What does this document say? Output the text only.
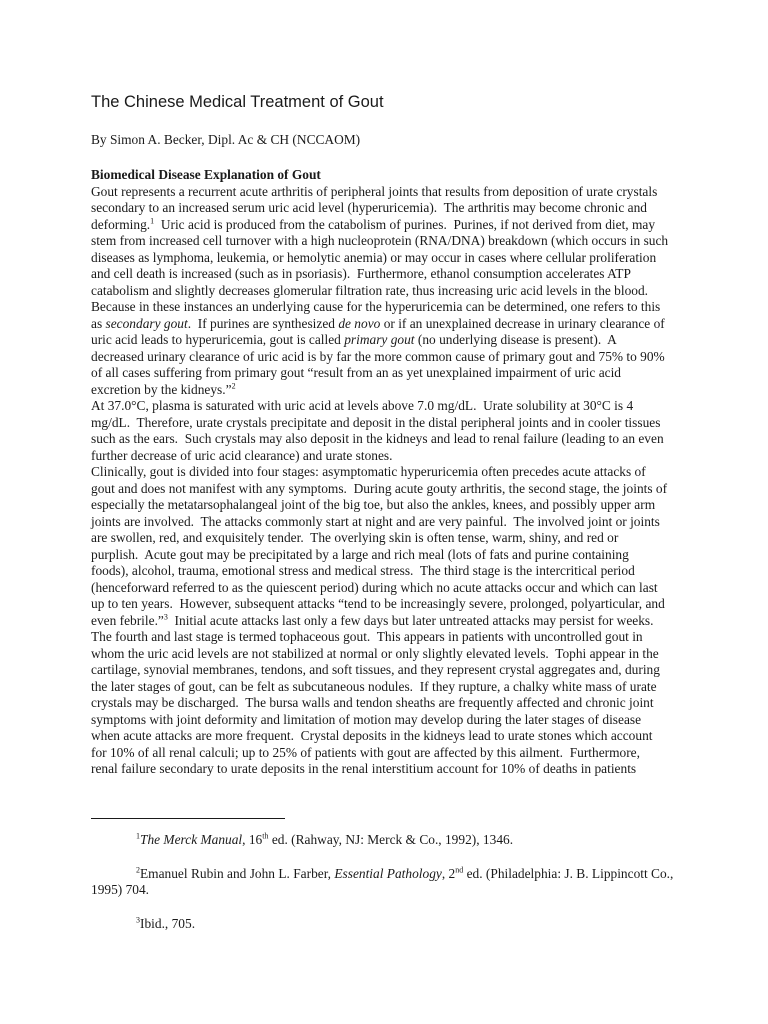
The Chinese Medical Treatment of Gout

By Simon A. Becker, Dipl. Ac & CH (NCCAOM)

Biomedical Disease Explanation of Gout
Gout represents a recurrent acute arthritis of peripheral joints that results from deposition of urate crystals
secondary to an increased serum uric acid level (hyperuricemia).  The arthritis may become chronic and
deforming.$^1$  Uric acid is produced from the catabolism of purines.  Purines, if not derived from diet, may
stem from increased cell turnover with a high nucleoprotein (RNA/DNA) breakdown (which occurs in such
diseases as lymphoma, leukemia, or hemolytic anemia) or may occur in cases where cellular proliferation
and cell death is increased (such as in psoriasis).  Furthermore, ethanol consumption accelerates ATP
catabolism and slightly decreases glomerular filtration rate, thus increasing uric acid levels in the blood.
Because in these instances an underlying cause for the hyperuricemia can be determined, one refers to this
as secondary gout.  If purines are synthesized de novo or if an unexplained decrease in urinary clearance of
uric acid leads to hyperuricemia, gout is called primary gout (no underlying disease is present).  A
decreased urinary clearance of uric acid is by far the more common cause of primary gout and 75% to 90%
of all cases suffering from primary gout “result from an as yet unexplained impairment of uric acid
excretion by the kidneys.”$^2$
At 37.0°C, plasma is saturated with uric acid at levels above 7.0 mg/dL.  Urate solubility at 30°C is 4
mg/dL.  Therefore, urate crystals precipitate and deposit in the distal peripheral joints and in cooler tissues
such as the ears.  Such crystals may also deposit in the kidneys and lead to renal failure (leading to an even
further decrease of uric acid clearance) and urate stones.
Clinically, gout is divided into four stages: asymptomatic hyperuricemia often precedes acute attacks of
gout and does not manifest with any symptoms.  During acute gouty arthritis, the second stage, the joints of
especially the metatarsophalangeal joint of the big toe, but also the ankles, knees, and possibly upper arm
joints are involved.  The attacks commonly start at night and are very painful.  The involved joint or joints
are swollen, red, and exquisitely tender.  The overlying skin is often tense, warm, shiny, and red or
purplish.  Acute gout may be precipitated by a large and rich meal (lots of fats and purine containing
foods), alcohol, trauma, emotional stress and medical stress.  The third stage is the intercritical period
(henceforward referred to as the quiescent period) during which no acute attacks occur and which can last
up to ten years.  However, subsequent attacks “tend to be increasingly severe, prolonged, polyarticular, and
even febrile.”$^3$  Initial acute attacks last only a few days but later untreated attacks may persist for weeks.
The fourth and last stage is termed tophaceous gout.  This appears in patients with uncontrolled gout in
whom the uric acid levels are not stabilized at normal or only slightly elevated levels.  Tophi appear in the
cartilage, synovial membranes, tendons, and soft tissues, and they represent crystal aggregates and, during
the later stages of gout, can be felt as subcutaneous nodules.  If they rupture, a chalky white mass of urate
crystals may be discharged.  The bursa walls and tendon sheaths are frequently affected and chronic joint
symptoms with joint deformity and limitation of motion may develop during the later stages of disease
when acute attacks are more frequent.  Crystal deposits in the kidneys lead to urate stones which account
for 10% of all renal calculi; up to 25% of patients with gout are affected by this ailment.  Furthermore,
renal failure secondary to urate deposits in the renal interstitium account for 10% of deaths in patients
$^1$The Merck Manual, 16th ed. (Rahway, NJ: Merck & Co., 1992), 1346.
$^2$Emanuel Rubin and John L. Farber, Essential Pathology, 2nd ed. (Philadelphia: J. B. Lippincott Co.,
1995) 704.
$^3$Ibid., 705.
